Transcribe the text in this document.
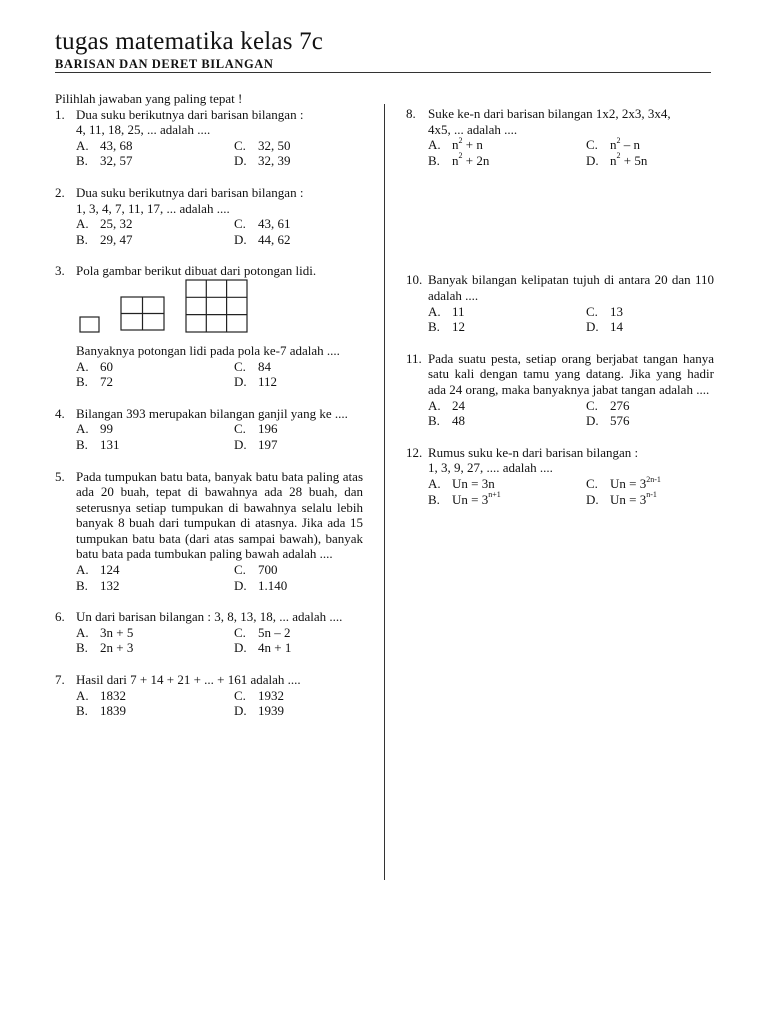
tugas matematika kelas 7c
BARISAN DAN DERET BILANGAN
Pilihlah jawaban yang paling tepat !
1. Dua suku berikutnya dari barisan bilangan :
4, 11, 18, 25, ... adalah ....
A. 43, 68	C. 32, 50
B. 32, 57	D. 32, 39
2. Dua suku berikutnya dari barisan bilangan :
1, 3, 4, 7, 11, 17, ... adalah ....
A. 25, 32	C. 43, 61
B. 29, 47	D. 44, 62
3. Pola gambar berikut dibuat dari potongan lidi.
Banyaknya potongan lidi pada pola ke-7 adalah ....
A. 60	C. 84
B. 72	D. 112
4. Bilangan 393 merupakan bilangan ganjil yang ke ....
A. 99	C. 196
B. 131	D. 197
5. Pada tumpukan batu bata, banyak batu bata paling atas ada 20 buah, tepat di bawahnya ada 28 buah, dan seterusnya setiap tumpukan di bawahnya selalu lebih banyak 8 buah dari tumpukan di atasnya. Jika ada 15 tumpukan batu bata (dari atas sampai bawah), banyak batu bata pada tumbukan paling bawah adalah ....
A. 124	C. 700
B. 132	D. 1.140
6. Un dari barisan bilangan : 3, 8, 13, 18, ... adalah ....
A. 3n + 5	C. 5n – 2
B. 2n + 3	D. 4n + 1
7. Hasil dari 7 + 14 + 21 + ... + 161 adalah ....
A. 1832	C. 1932
B. 1839	D. 1939
8. Suke ke-n dari barisan bilangan 1x2, 2x3, 3x4,
4x5, ... adalah ....
A. $n^2 + n$	C. $n^2$ – n
B. $n^2 + 2n$	D. $n^2 + 5n$
10. Banyak bilangan kelipatan tujuh di antara 20 dan 110 adalah ....
A. 11	C. 13
B. 12	D. 14
11. Pada suatu pesta, setiap orang berjabat tangan hanya satu kali dengan tamu yang datang. Jika yang hadir ada 24 orang, maka banyaknya jabat tangan adalah ....
A. 24	C. 276
B. 48	D. 576
12. Rumus suku ke-n dari barisan bilangan :
1, 3, 9, 27, .... adalah ....
A. Un = 3n	C. $Un = 3^{2n-1}$
B. $Un = 3^{n+1}$	D. $Un = 3^{n-1}$
